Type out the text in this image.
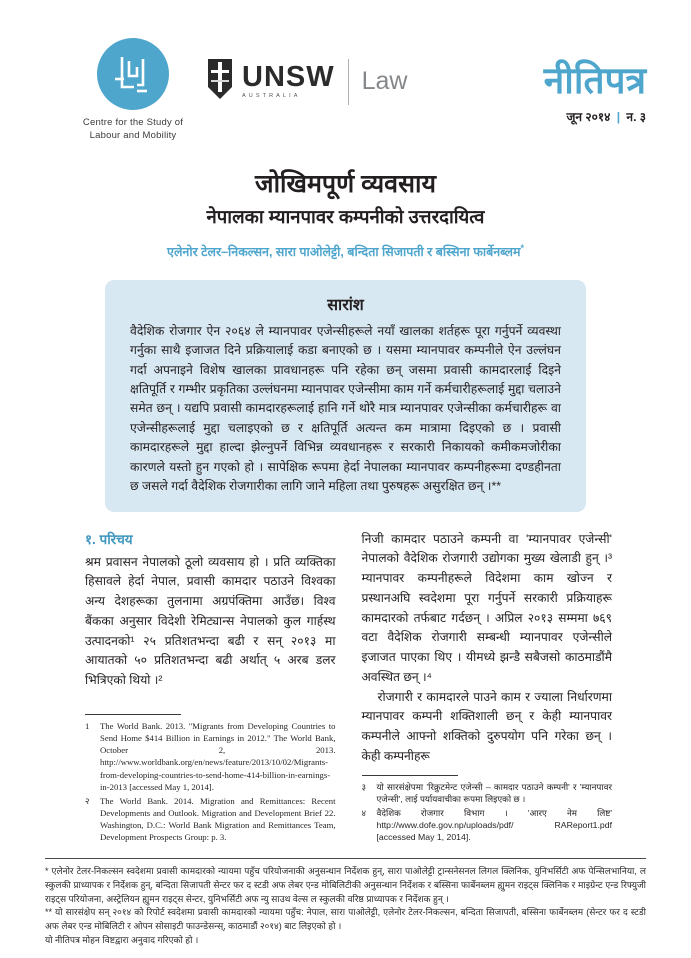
Centre for the Study of
Labour and Mobility
UNSW
AUSTRALIA
Law	नीतिपत्र
जून २०१४ | न. ३
जोखिमपूर्ण व्यवसाय
नेपालका म्यानपावर कम्पनीको उत्तरदायित्व
एलेनोर टेलर–निकल्सन, सारा पाओलेट्टी, बन्दिता सिजापती र बस्सिना फार्बेनब्लम*
सारांश
वैदेशिक रोजगार ऐन २०६४ ले म्यानपावर एजेन्सीहरूले नयाँ खालका शर्तहरू पूरा गर्नुपर्ने व्यवस्था गर्नुका साथै इजाजत दिने प्रक्रियालाई कडा बनाएको छ । यसमा म्यानपावर कम्पनीले ऐन उल्लंघन गर्दा अपनाइने विशेष खालका प्रावधानहरू पनि रहेका छन् जसमा प्रवासी कामदारलाई दिइने क्षतिपूर्ति र गम्भीर प्रकृतिका उल्लंघनमा म्यानपावर एजेन्सीमा काम गर्ने कर्मचारीहरूलाई मुद्दा चलाउने समेत छन् । यद्यपि प्रवासी कामदारहरूलाई हानि गर्ने थोरै मात्र म्यानपावर एजेन्सीका कर्मचारीहरू वा एजेन्सीहरूलाई मुद्दा चलाइएको छ र क्षतिपूर्ति अत्यन्त कम मात्रामा दिइएको छ । प्रवासी कामदारहरूले मुद्दा हाल्दा झेल्नुपर्ने विभिन्न व्यवधानहरू र सरकारी निकायको कमीकमजोरीका कारणले यस्तो हुन गएको हो । सापेक्षिक रूपमा हेर्दा नेपालका म्यानपावर कम्पनीहरूमा दण्डहीनता छ जसले गर्दा वैदेशिक रोजगारीका लागि जाने महिला तथा पुरुषहरू असुरक्षित छन् ।**
१. परिचय
श्रम प्रवासन नेपालको ठूलो व्यवसाय हो । प्रति व्यक्तिका हिसावले हेर्दा नेपाल, प्रवासी कामदार पठाउने विश्वका अन्य देशहरूका तुलनामा अग्रपंक्तिमा आउँछ। विश्व बैंकका अनुसार विदेशी रेमिट्यान्स नेपालको कुल गार्हस्थ उत्पादनको¹ २५ प्रतिशतभन्दा बढी र सन् २०१३ मा आयातको ५० प्रतिशतभन्दा बढी अर्थात् ५ अरब डलर भित्रिएको थियो ।²
1	The World Bank. 2013. "Migrants from Developing Countries to Send Home $414 Billion in Earnings in 2012." The World Bank, October 2, 2013. http://www.worldbank.org/en/news/feature/2013/10/02/Migrants-from-developing-countries-to-send-home-414-billion-in-earnings-in-2013 [accessed May 1, 2014].
२	The World Bank. 2014. Migration and Remittances: Recent Developments and Outlook. Migration and Development Brief 22. Washington, D.C.: World Bank Migration and Remittances Team, Development Prospects Group: p. 3.
निजी कामदार पठाउने कम्पनी वा 'म्यानपावर एजेन्सी' नेपालको वैदेशिक रोजगारी उद्योगका मुख्य खेलाडी हुन् ।³ म्यानपावर कम्पनीहरूले विदेशमा काम खोज्न र प्रस्थानअघि स्वदेशमा पूरा गर्नुपर्ने सरकारी प्रक्रियाहरू कामदारको तर्फबाट गर्दछन् । अप्रिल २०१३ सम्ममा ७६९ वटा वैदेशिक रोजगारी सम्बन्धी म्यानपावर एजेन्सीले इजाजत पाएका थिए । यीमध्ये झन्डै सबैजसो काठमाडौंमै अवस्थित छन् ।⁴
रोजगारी र कामदारले पाउने काम र ज्याला निर्धारणमा म्यानपावर कम्पनी शक्तिशाली छन् र केही म्यानपावर कम्पनीले आफ्नो शक्तिको दुरुपयोग पनि गरेका छन् । केही कम्पनीहरू
३	यो सारसंक्षेपमा 'रिक्रुटमेन्ट एजेन्सी – कामदार पठाउने कम्पनी' र 'म्यानपावर एजेन्सी', लाई पर्यायवाचीका रूपमा लिइएको छ ।
४	वैदेशिक रोजगार विभाग । 'आरए नेम लिष्ट' http://www.dofe.gov.np/uploads/pdf/ RAReport1.pdf [accessed May 1, 2014].
* एलेनोर टेलर-निकल्सन स्वदेशमा प्रवासी कामदारको न्यायमा पहुँच परियोजनाकी अनुसन्धान निर्देशक हुन्, सारा पाओलेट्टी ट्रान्सनेसनल लिगल क्लिनिक, युनिभर्सिटी अफ पेन्सिलभानिया, ल स्कुलकी प्राध्यापक र निर्देशक हुन्, बन्दिता सिजापती सेन्टर फर द स्टडी अफ लेबर एन्ड मोबिलिटीकी अनुसन्धान निर्देशक र बस्सिना फार्बेनब्लम ह्युमन राइट्स क्लिनिक र माइग्रेन्ट एन्ड रिफ्युजी राइट्स परियोजना, अस्ट्रेलियन ह्युमन राइट्स सेन्टर, युनिभर्सिटी अफ न्यु साउथ वेल्स ल स्कुलकी वरिष्ठ प्राध्यापक र निर्देशक हुन् ।
** यो सारसंक्षेप सन् २०१४ को रिपोर्ट स्वदेशमा प्रवासी कामदारको न्यायमा पहुँच: नेपाल, सारा पाओलेट्टी, एलेनोर टेलर-निकल्सन, बन्दिता सिजापती, बस्सिना फार्बेनब्लम (सेन्टर फर द स्टडी अफ लेबर एन्ड मोबिलिटी र ओपन सोसाइटी फाउन्डेसन्स्, काठमाडौं २०१४) बाट लिइएको हो ।
यो नीतिपत्र मोहन विष्टद्वारा अनुवाद गरिएको हो ।
